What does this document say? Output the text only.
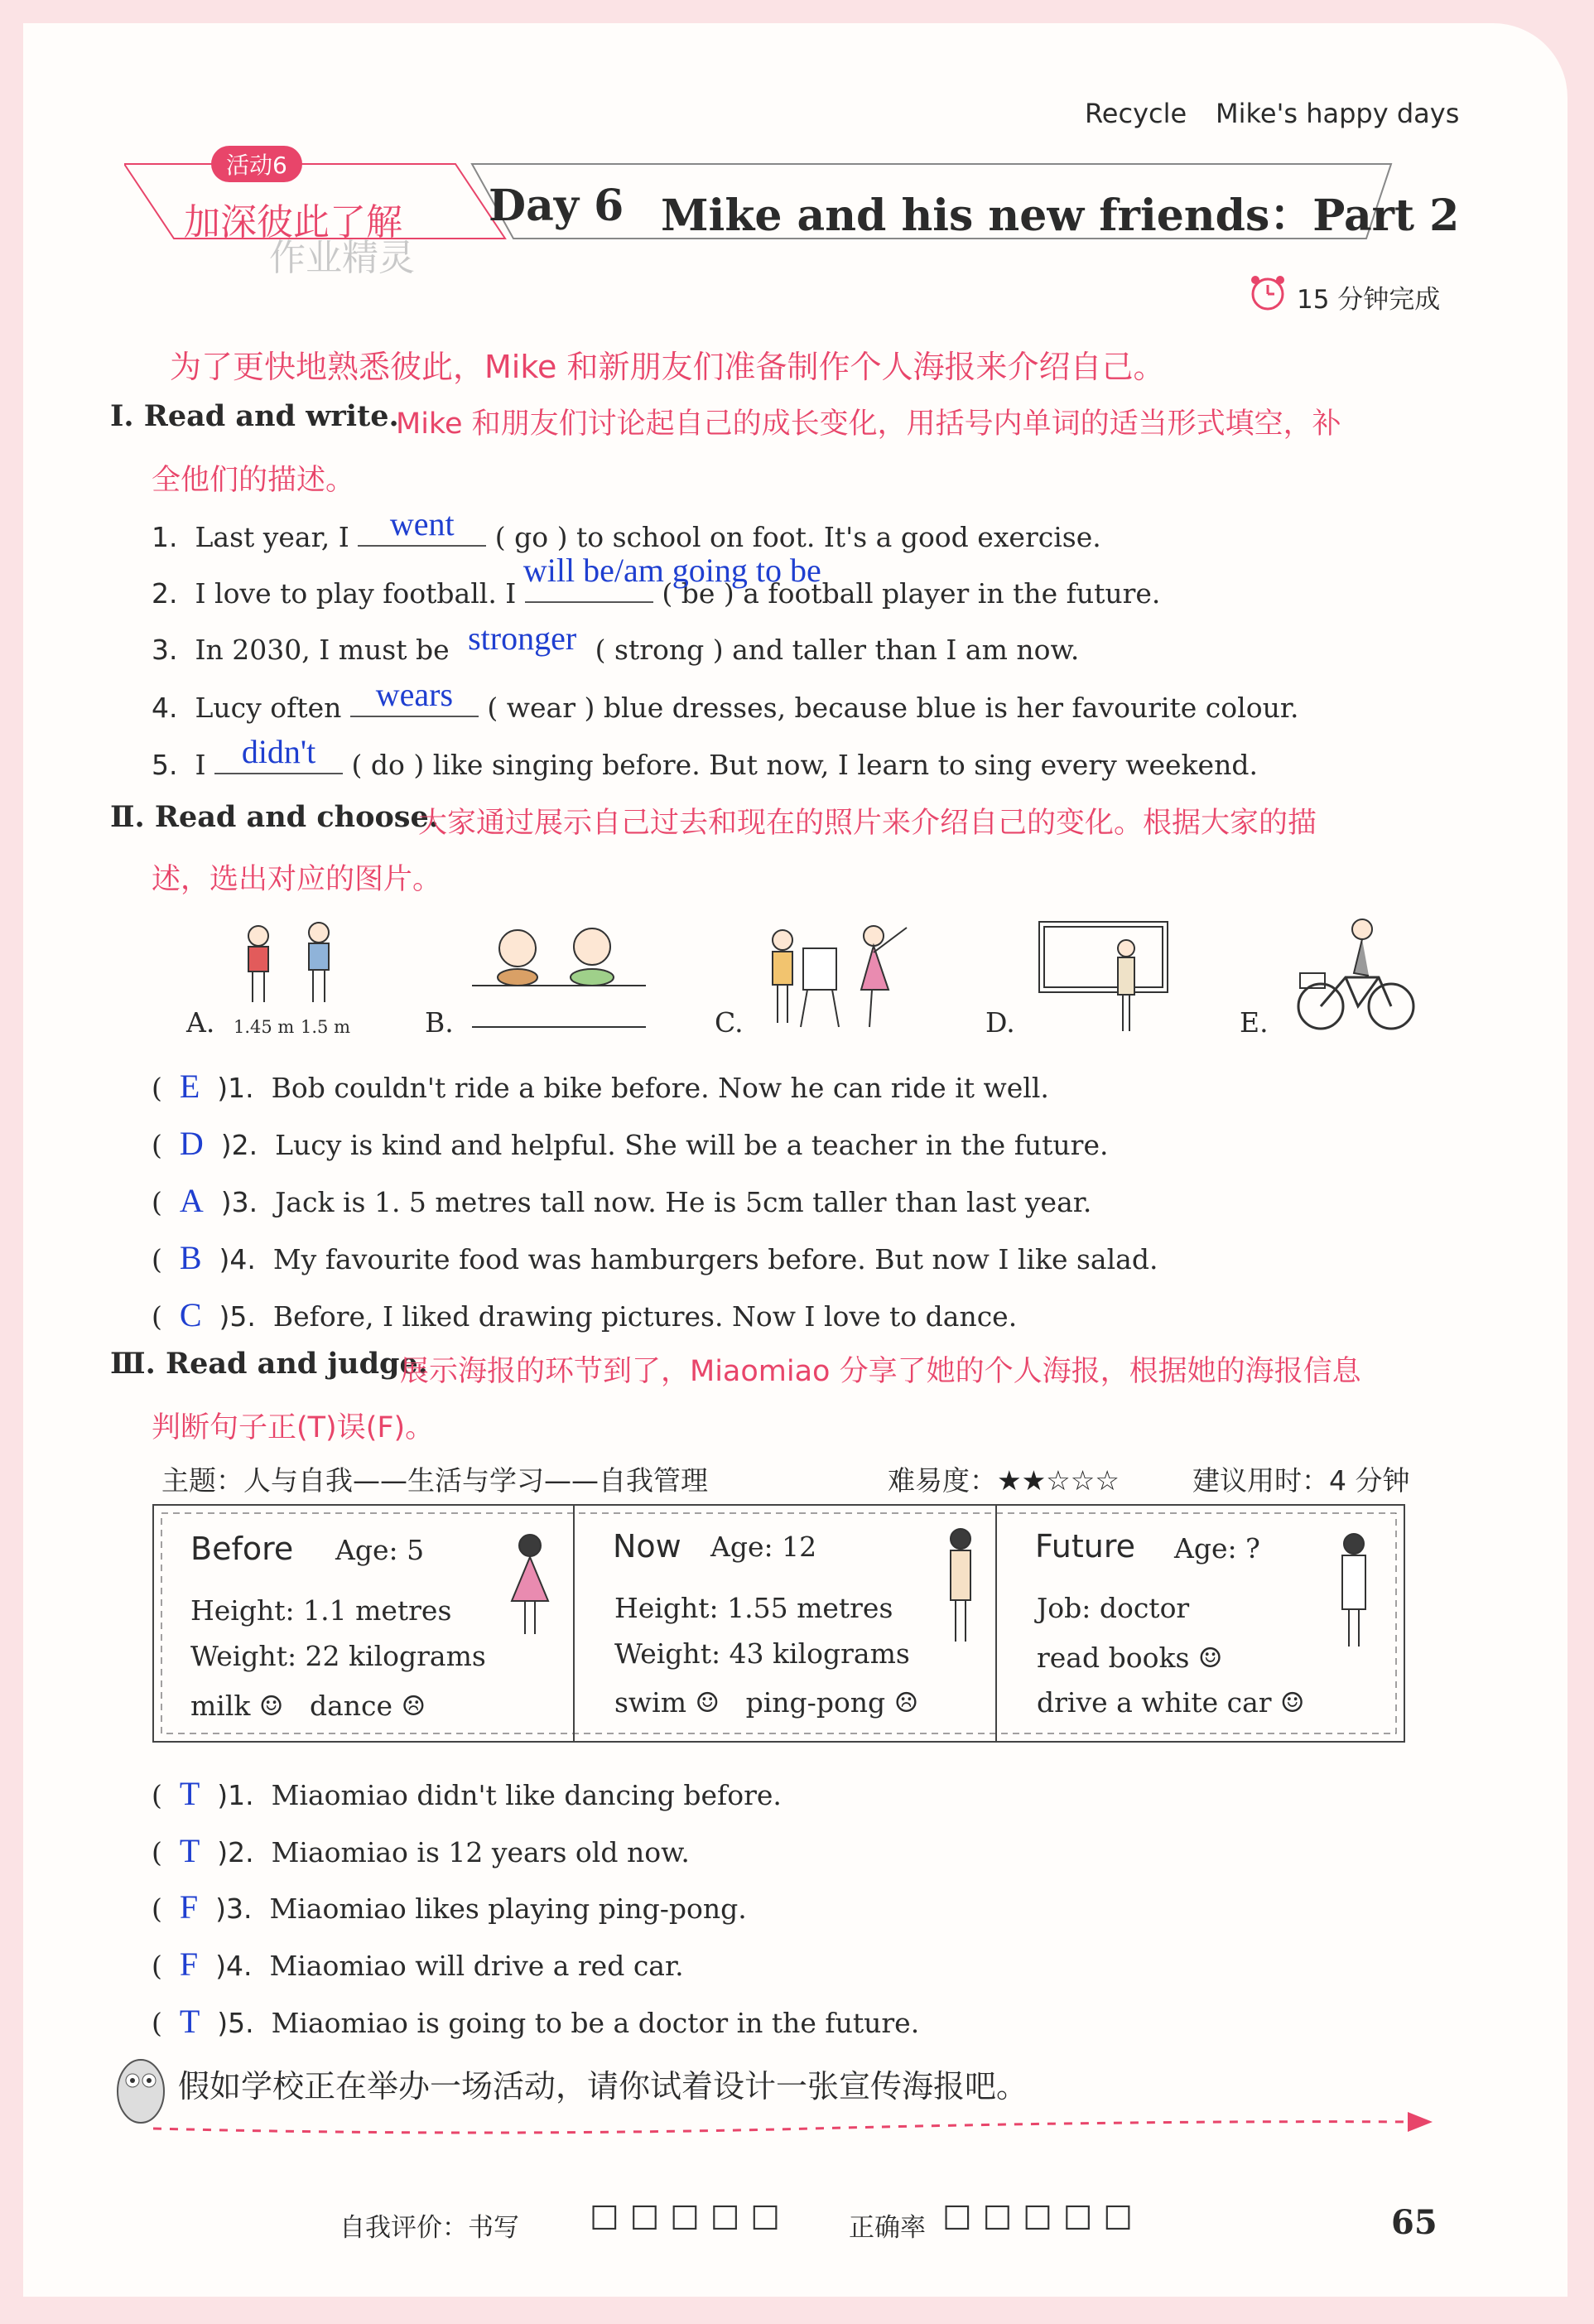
Recycle Mike's happy days
活动6
加深彼此了解
作业精灵
Day 6 Mike and his new friends：Part 2
15 分钟完成
为了更快地熟悉彼此，Mike 和新朋友们准备制作个人海报来介绍自己。
Ⅰ. Read and write.
Mike 和朋友们讨论起自己的成长变化，用括号内单词的适当形式填空，补
全他们的描述。
1. Last year, I	went	( go ) to school on foot. It's a good exercise.
2. I love to play football. I
will be/am going to be
( be ) a football player in the future.
3. In 2030, I must be stronger ( strong ) and taller than I am now.
4. Lucy often	wears	( wear ) blue dresses, because blue is her favourite colour.
5. I	didn't	( do ) like singing before. But now, I learn to sing every weekend.
Ⅱ. Read and choose.
大家通过展示自己过去和现在的照片来介绍自己的变化。根据大家的描
述，选出对应的图片。
A. 1.45 m 1.5 m	B.	C.	D.	E.
(  E )1. Bob couldn't ride a bike before. Now he can ride it well.
(  D )2. Lucy is kind and helpful. She will be a teacher in the future.
(  A )3. Jack is 1. 5 metres tall now. He is 5cm taller than last year.
(  B )4. My favourite food was hamburgers before. But now I like salad.
(  C )5. Before, I liked drawing pictures. Now I love to dance.
Ⅲ. Read and judge.
展示海报的环节到了，Miaomiao 分享了她的个人海报，根据她的海报信息
判断句子正(T)误(F)。
主题：人与自我——生活与学习——自我管理	难易度：★★☆☆☆	建议用时：4 分钟
Before Age: 5
Height: 1.1 metres
Weight: 22 kilograms
milk ☺ dance ☹
Now Age: 12
Height: 1.55 metres
Weight: 43 kilograms
swim ☺ ping-pong ☹
Future Age: ?
Job: doctor
read books ☺
drive a white car ☺
(  T )1. Miaomiao didn't like dancing before.
(  T )2. Miaomiao is 12 years old now.
(  F )3. Miaomiao likes playing ping-pong.
(  F )4. Miaomiao will drive a red car.
(  T )5. Miaomiao is going to be a doctor in the future.
假如学校正在举办一场活动，请你试着设计一张宣传海报吧。
自我评价：书写 ☐ ☐ ☐ ☐ ☐	正确率 ☐ ☐ ☐ ☐ ☐	65
